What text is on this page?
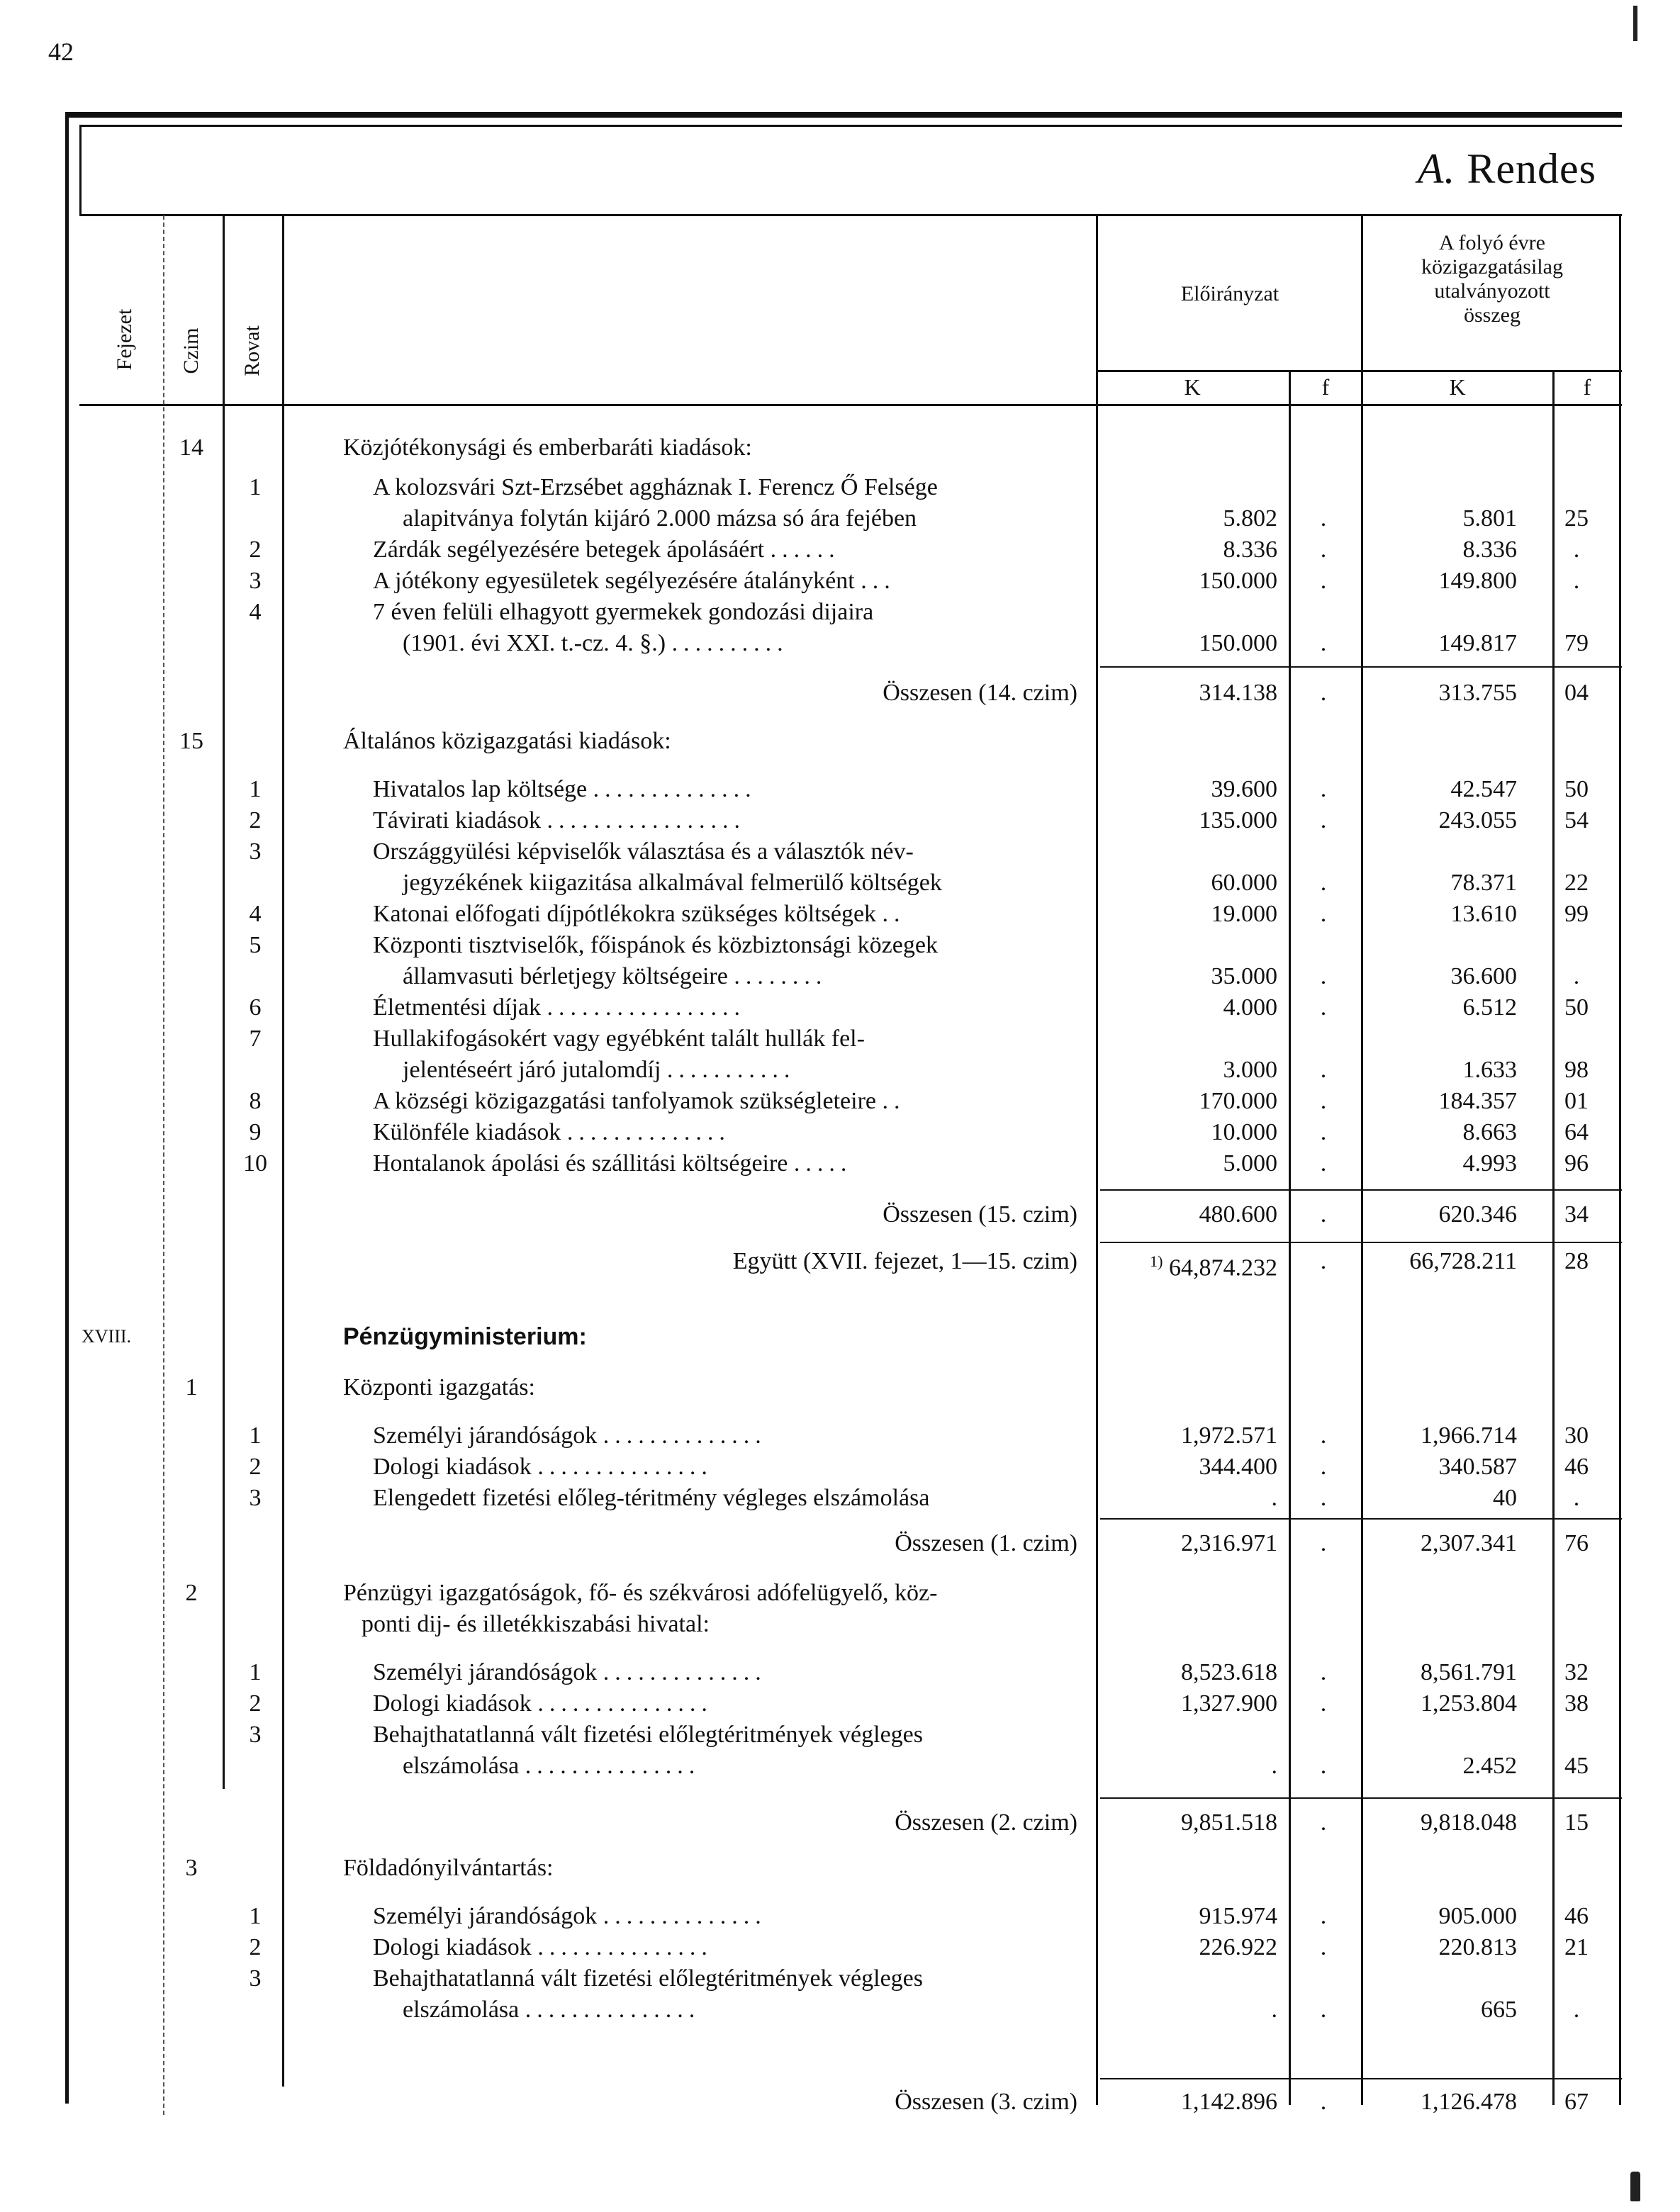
42
A. Rendes
Fejezet Czim Rovat
Előirányzat
A folyó évre
közigazgatásilag
utalványozott
összeg
K	f	K	f
14	Közjótékonysági és emberbaráti kiadások:
1	A kolozsvári Szt-Erzsébet aggháznak I. Ferencz Ő Felsége
alapitványa folytán kijáró 2.000 mázsa só ára fejében	5.802	.	5.801	25
2	Zárdák segélyezésére betegek ápolásáért ......	8.336	.	8.336	.
3	A jótékony egyesületek segélyezésére átalányként ...	150.000	.	149.800	.
4	7 éven felüli elhagyott gyermekek gondozási dijaira
(1901. évi XXI. t.-cz. 4. §.) ..........	150.000	.	149.817	79
Összesen (14. czim)	314.138	.	313.755	04
15	Általános közigazgatási kiadások:
1	Hivatalos lap költsége ..............	39.600	.	42.547	50
2	Távirati kiadások .................	135.000	.	243.055	54
3	Országgyülési képviselők választása és a választók név-
jegyzékének kiigazitása alkalmával felmerülő költségek	60.000	.	78.371	22
4	Katonai előfogati díjpótlékokra szükséges költségek ..	19.000	.	13.610	99
5	Központi tisztviselők, főispánok és közbiztonsági közegek
államvasuti bérletjegy költségeire ........	35.000	.	36.600	.
6	Életmentési díjak .................	4.000	.	6.512	50
7	Hullakifogásokért vagy egyébként talált hullák fel-
jelentéseért járó jutalomdíj ...........	3.000	.	1.633	98
8	A községi közigazgatási tanfolyamok szükségleteire ..	170.000	.	184.357	01
9	Különféle kiadások ..............	10.000	.	8.663	64
10	Hontalanok ápolási és szállitási költségeire .....	5.000	.	4.993	96
Összesen (15. czim)	480.600	.	620.346	34
Együtt (XVII. fejezet, 1—15. czim)	$^{1)}$ 64,874.232	.	66,728.211	28
XVIII.	Pénzügyministerium:
1	Központi igazgatás:
1	Személyi járandóságok ..............	1,972.571	.	1,966.714	30
2	Dologi kiadások ...............	344.400	.	340.587	46
3	Elengedett fizetési előleg-téritmény végleges elszámolása	.	.	40	.
Összesen (1. czim)	2,316.971	.	2,307.341	76
2	Pénzügyi igazgatóságok, fő- és székvárosi adófelügyelő, köz-
ponti dij- és illetékkiszabási hivatal:
1	Személyi járandóságok ..............	8,523.618	.	8,561.791	32
2	Dologi kiadások ...............	1,327.900	.	1,253.804	38
3	Behajthatatlanná vált fizetési előlegtéritmények végleges
elszámolása ...............	.	.	2.452	45
Összesen (2. czim)	9,851.518	.	9,818.048	15
3	Földadónyilvántartás:
1	Személyi járandóságok ..............	915.974	.	905.000	46
2	Dologi kiadások ...............	226.922	.	220.813	21
3	Behajthatatlanná vált fizetési előlegtéritmények végleges
elszámolása ...............	.	.	665	.
Összesen (3. czim)	1,142.896	.	1,126.478	67
